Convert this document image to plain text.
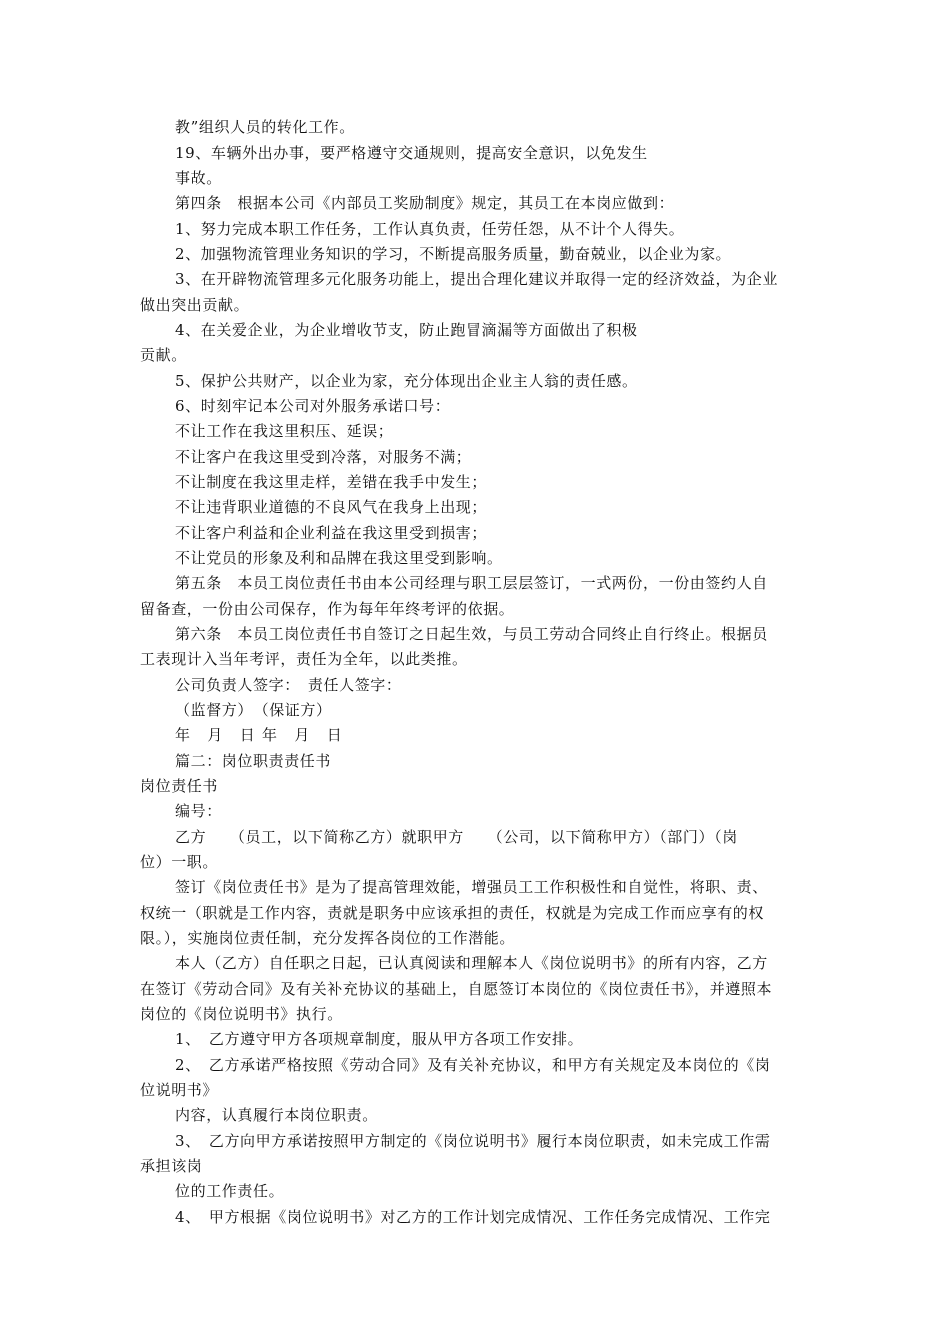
教”组织人员的转化工作。
19、车辆外出办事，要严格遵守交通规则，提高安全意识，以免发生
事故。
第四条　根据本公司《内部员工奖励制度》规定，其员工在本岗应做到：
1、努力完成本职工作任务，工作认真负责，任劳任怨，从不计个人得失。
2、加强物流管理业务知识的学习，不断提高服务质量，勤奋兢业，以企业为家。
3、在开辟物流管理多元化服务功能上，提出合理化建议并取得一定的经济效益，为企业
做出突出贡献。
4、在关爱企业，为企业增收节支，防止跑冒滴漏等方面做出了积极
贡献。
5、保护公共财产，以企业为家，充分体现出企业主人翁的责任感。
6、时刻牢记本公司对外服务承诺口号：
不让工作在我这里积压、延误；
不让客户在我这里受到冷落，对服务不满；
不让制度在我这里走样，差错在我手中发生；
不让违背职业道德的不良风气在我身上出现；
不让客户利益和企业利益在我这里受到损害；
不让党员的形象及利和品牌在我这里受到影响。
第五条　本员工岗位责任书由本公司经理与职工层层签订，一式两份，一份由签约人自
留备查，一份由公司保存，作为每年年终考评的依据。
第六条　本员工岗位责任书自签订之日起生效，与员工劳动合同终止自行终止。根据员
工表现计入当年考评，责任为全年，以此类推。
公司负责人签字：　责任人签字：
（监督方）　（保证方）
年　月　日 年　月　日
篇二：岗位职责责任书
岗位责任书
编号：
乙方　　（员工，以下简称乙方）就职甲方　　（公司，以下简称甲方）（部门）（岗
位）一职。
签订《岗位责任书》是为了提高管理效能，增强员工工作积极性和自觉性，将职、责、
权统一（职就是工作内容，责就是职务中应该承担的责任，权就是为完成工作而应享有的权
限。），实施岗位责任制，充分发挥各岗位的工作潜能。
本人（乙方）自任职之日起，已认真阅读和理解本人《岗位说明书》的所有内容，乙方
在签订《劳动合同》及有关补充协议的基础上，自愿签订本岗位的《岗位责任书》，并遵照本
岗位的《岗位说明书》执行。
1、　乙方遵守甲方各项规章制度，服从甲方各项工作安排。
2、　乙方承诺严格按照《劳动合同》及有关补充协议，和甲方有关规定及本岗位的《岗
位说明书》
内容，认真履行本岗位职责。
3、　乙方向甲方承诺按照甲方制定的《岗位说明书》履行本岗位职责，如未完成工作需
承担该岗
位的工作责任。
4、　甲方根据《岗位说明书》对乙方的工作计划完成情况、工作任务完成情况、工作完
